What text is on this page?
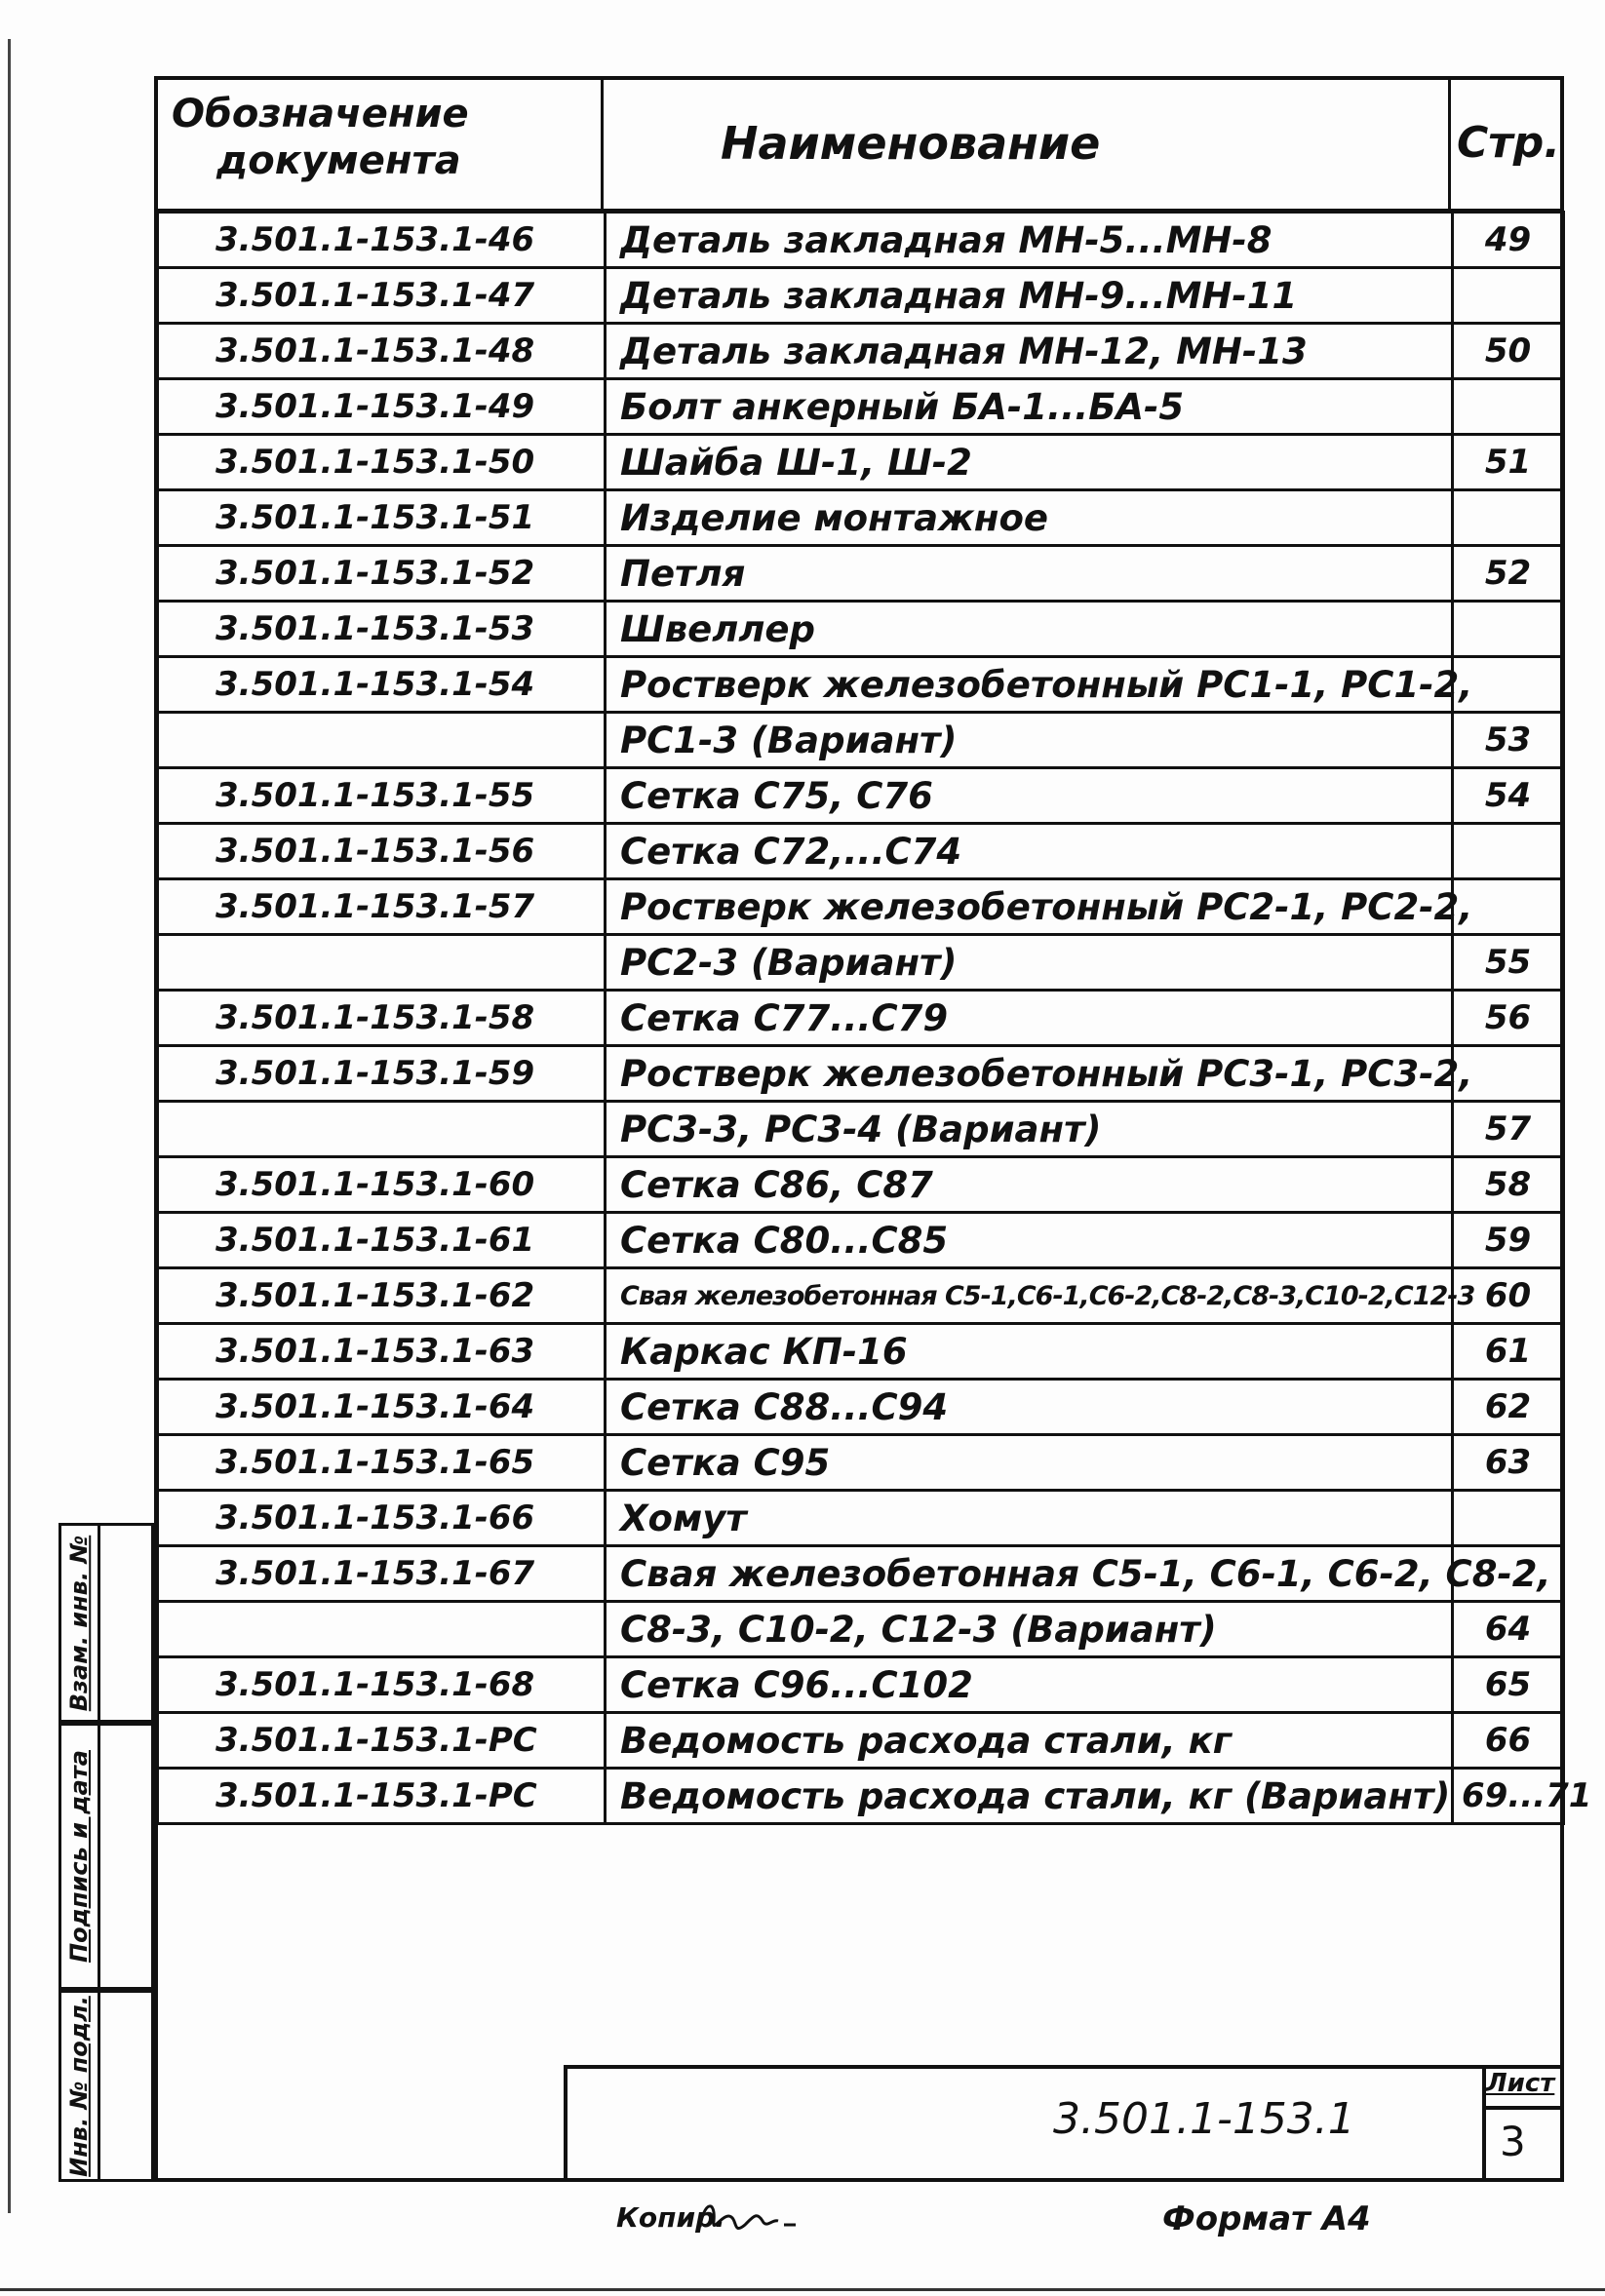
Обозначение
документа	Наименование	Стр.
3.501.1-153.1-46	Деталь закладная МН-5...МН-8	49
3.501.1-153.1-47	Деталь закладная МН-9...МН-11	
3.501.1-153.1-48	Деталь закладная МН-12, МН-13	50
3.501.1-153.1-49	Болт анкерный БА-1...БА-5	
3.501.1-153.1-50	Шайба Ш-1, Ш-2	51
3.501.1-153.1-51	Изделие монтажное	
3.501.1-153.1-52	Петля	52
3.501.1-153.1-53	Швеллер	
3.501.1-153.1-54	Ростверк железобетонный РС1-1, РС1-2,	
	РС1-3 (Вариант)	53
3.501.1-153.1-55	Сетка С75, С76	54
3.501.1-153.1-56	Сетка С72,...С74	
3.501.1-153.1-57	Ростверк железобетонный РС2-1, РС2-2,	
	РС2-3 (Вариант)	55
3.501.1-153.1-58	Сетка С77...С79	56
3.501.1-153.1-59	Ростверк железобетонный РС3-1, РС3-2,	
	РС3-3, РС3-4 (Вариант)	57
3.501.1-153.1-60	Сетка С86, С87	58
3.501.1-153.1-61	Сетка С80...С85	59
3.501.1-153.1-62	Свая железобетонная С5-1,С6-1,С6-2,С8-2,С8-3,С10-2,С12-3	60
3.501.1-153.1-63	Каркас КП-16	61
3.501.1-153.1-64	Сетка С88...С94	62
3.501.1-153.1-65	Сетка С95	63
3.501.1-153.1-66	Хомут	
3.501.1-153.1-67	Свая железобетонная С5-1, С6-1, С6-2, С8-2,	
	С8-3, С10-2, С12-3 (Вариант)	64
3.501.1-153.1-68	Сетка С96...С102	65
3.501.1-153.1-РС	Ведомость расхода стали, кг	66
3.501.1-153.1-РС	Ведомость расхода стали, кг (Вариант)	69...71
Взам. инв. №
Подпись и дата
Инв. № подл.	3.501.1-153.1
Лист
3
Копир.	Формат А4
